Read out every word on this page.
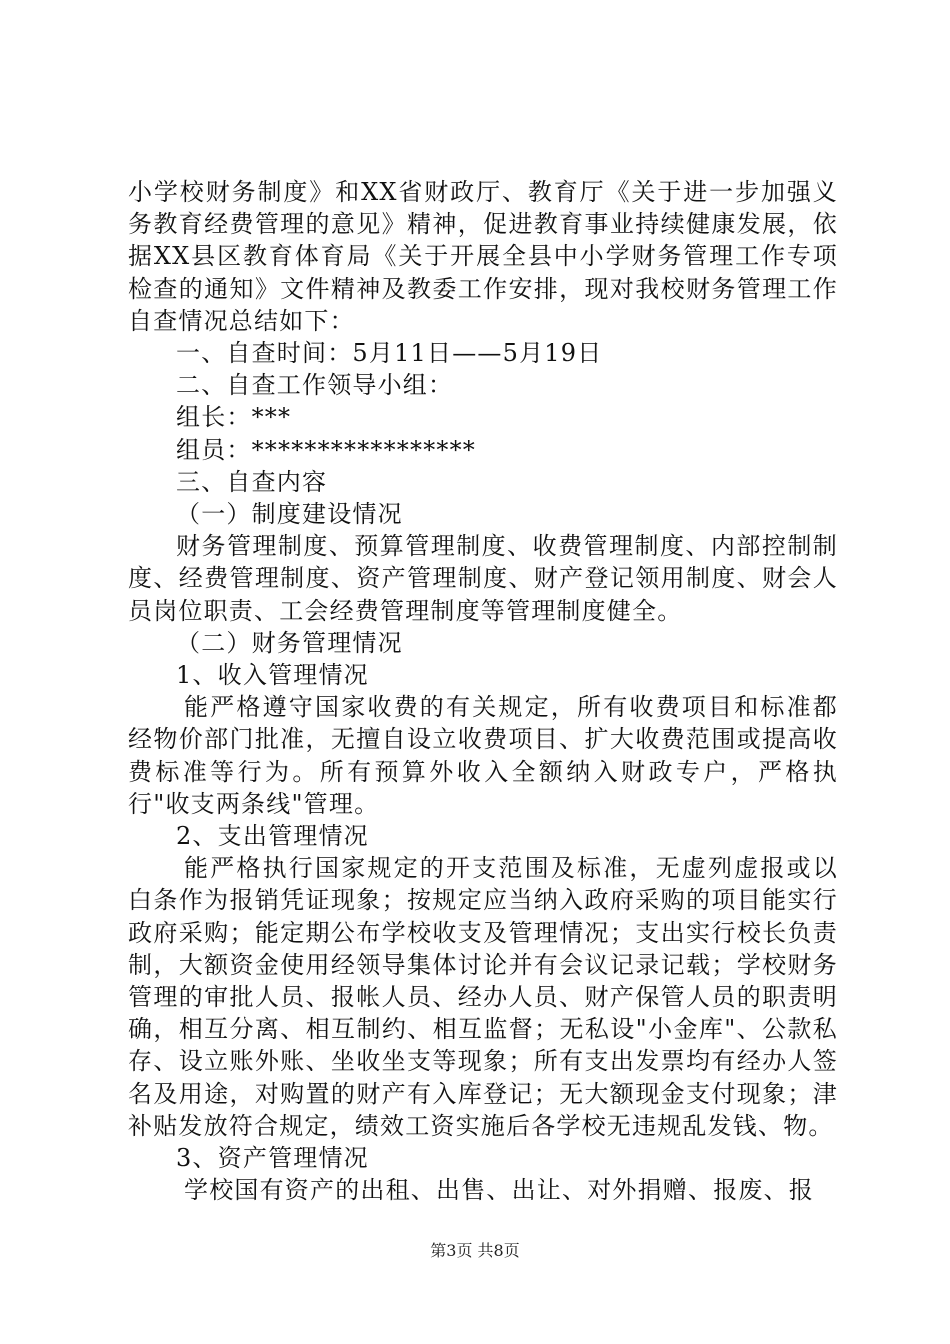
小学校财务制度》和XX省财政厅、教育厅《关于进一步加强义务教育经费管理的意见》精神，促进教育事业持续健康发展，依据XX县区教育体育局《关于开展全县中小学财务管理工作专项检查的通知》文件精神及教委工作安排，现对我校财务管理工作自查情况总结如下：

一、自查时间：5月11日——5月19日

二、自查工作领导小组：

组长：***

组员：*****************

三、自查内容

（一）制度建设情况

财务管理制度、预算管理制度、收费管理制度、内部控制制度、经费管理制度、资产管理制度、财产登记领用制度、财会人员岗位职责、工会经费管理制度等管理制度健全。

（二）财务管理情况

1、收入管理情况

能严格遵守国家收费的有关规定，所有收费项目和标准都经物价部门批准，无擅自设立收费项目、扩大收费范围或提高收费标准等行为。所有预算外收入全额纳入财政专户，严格执行"收支两条线"管理。

2、支出管理情况

能严格执行国家规定的开支范围及标准，无虚列虚报或以白条作为报销凭证现象；按规定应当纳入政府采购的项目能实行政府采购；能定期公布学校收支及管理情况；支出实行校长负责制，大额资金使用经领导集体讨论并有会议记录记载；学校财务管理的审批人员、报帐人员、经办人员、财产保管人员的职责明确，相互分离、相互制约、相互监督；无私设"小金库"、公款私存、设立账外账、坐收坐支等现象；所有支出发票均有经办人签名及用途，对购置的财产有入库登记；无大额现金支付现象；津补贴发放符合规定，绩效工资实施后各学校无违规乱发钱、物。

3、资产管理情况

学校国有资产的出租、出售、出让、对外捐赠、报废、报

第3页 共8页
